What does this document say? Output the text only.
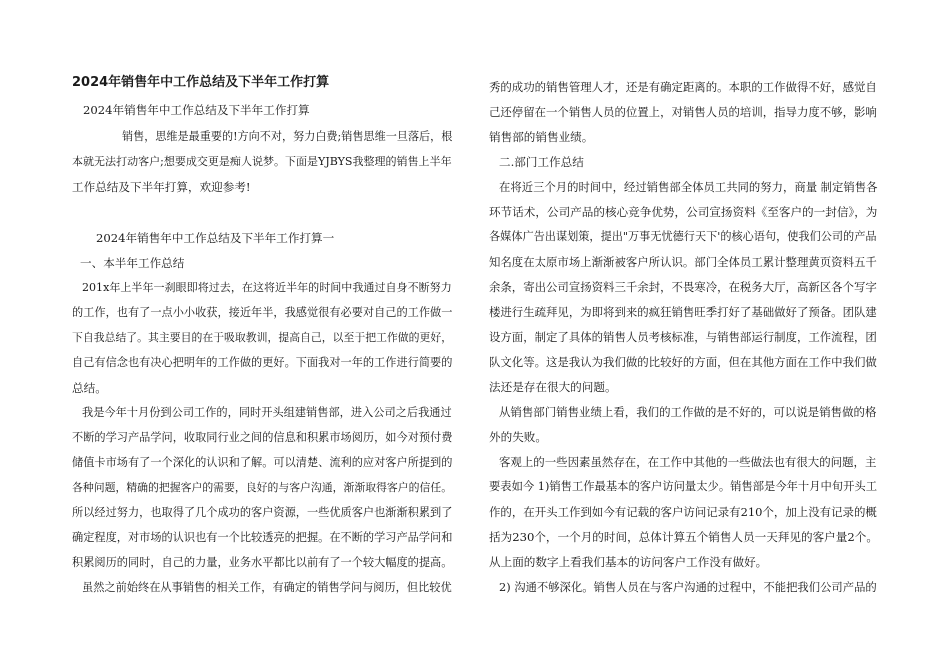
2024年销售年中工作总结及下半年工作打算
2024年销售年中工作总结及下半年工作打算
销售，思维是最重要的!方向不对，努力白费;销售思维一旦落后，根
本就无法打动客户;想要成交更是痴人说梦。下面是YJBYS我整理的销售上半年
工作总结及下半年打算，欢迎参考!
2024年销售年中工作总结及下半年工作打算一
一、本半年工作总结
201x年上半年一刹眼即将过去，在这将近半年的时间中我通过自身不断努力
的工作，也有了一点小小收获，接近年半，我感觉很有必要对自己的工作做一
下自我总结了。其主要目的在于吸取教训，提高自己，以至于把工作做的更好，
自己有信念也有决心把明年的工作做的更好。下面我对一年的工作进行简要的
总结。
我是今年十月份到公司工作的，同时开头组建销售部，进入公司之后我通过
不断的学习产品学问，收取同行业之间的信息和积累市场阅历，如今对预付费
储值卡市场有了一个深化的认识和了解。可以清楚、流利的应对客户所提到的
各种问题，精确的把握客户的需要，良好的与客户沟通，渐渐取得客户的信任。
所以经过努力，也取得了几个成功的客户资源，一些优质客户也渐渐积累到了
确定程度，对市场的认识也有一个比较透亮的把握。在不断的学习产品学问和
积累阅历的同时，自己的力量，业务水平都比以前有了一个较大幅度的提高。
虽然之前始终在从事销售的相关工作，有确定的销售学问与阅历，但比较优
秀的成功的销售管理人才，还是有确定距离的。本职的工作做得不好，感觉自
己还停留在一个销售人员的位置上，对销售人员的培训，指导力度不够，影响
销售部的销售业绩。
二.部门工作总结
在将近三个月的时间中，经过销售部全体员工共同的努力，商量 制定销售各
环节话术，公司产品的核心竞争优势，公司宣扬资料《至客户的一封信》，为
各媒体广告出谋划策，提出"万事无忧德行天下'的核心语句，使我们公司的产品
知名度在太原市场上渐渐被客户所认识。部门全体员工累计整理黄页资料五千
余条，寄出公司宣扬资料三千余封，不畏寒冷，在税务大厅，高新区各个写字
楼进行生疏拜见，为即将到来的疯狂销售旺季打好了基础做好了预备。团队建
设方面，制定了具体的销售人员考核标准，与销售部运行制度，工作流程，团
队文化等。这是我认为我们做的比较好的方面，但在其他方面在工作中我们做
法还是存在很大的问题。
从销售部门销售业绩上看，我们的工作做的是不好的，可以说是销售做的格
外的失败。
客观上的一些因素虽然存在，在工作中其他的一些做法也有很大的问题，主
要表如今 1)销售工作最基本的客户访问量太少。销售部是今年十月中旬开头工
作的，在开头工作到如今有记载的客户访问记录有210个，加上没有记录的概
括为230个，一个月的时间，总体计算五个销售人员一天拜见的客户量2个。
从上面的数字上看我们基本的访问客户工作没有做好。
2) 沟通不够深化。销售人员在与客户沟通的过程中，不能把我们公司产品的
